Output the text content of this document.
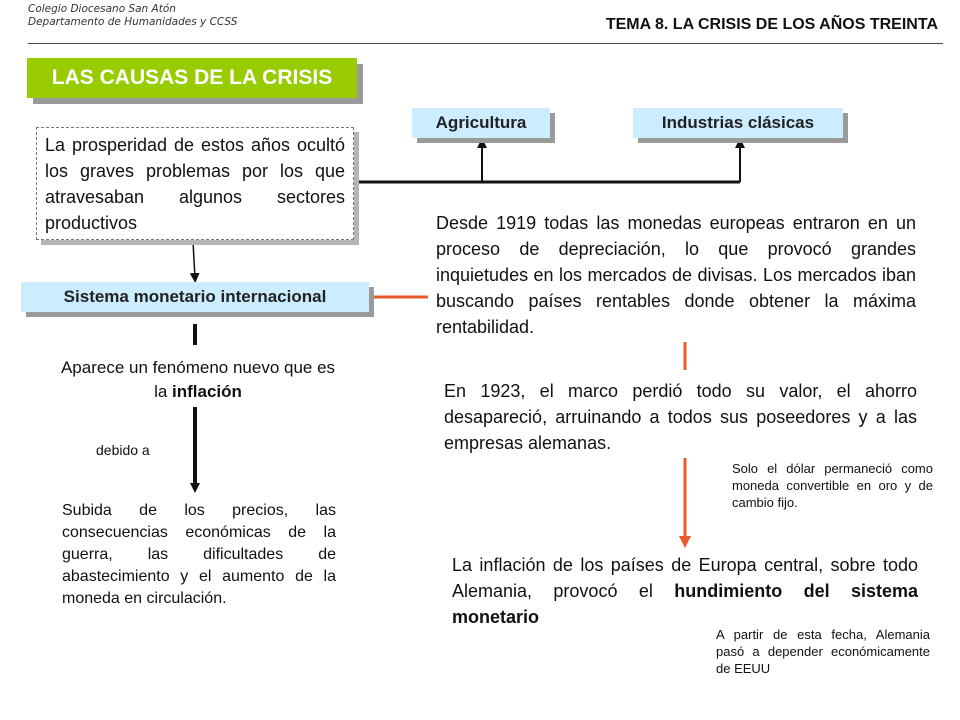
Colegio Diocesano San Atón
Departamento de Humanidades y CCSS	TEMA 8. LA CRISIS DE LOS AÑOS TREINTA
LAS CAUSAS DE LA CRISIS
La prosperidad de estos años ocultó los graves problemas por los que atravesaban algunos sectores productivos
Agricultura	Industrias clásicas
Sistema monetario internacional
Aparece un fenómeno nuevo que es la inflación
debido a
Subida de los precios, las consecuencias económicas de la guerra, las dificultades de abastecimiento y el aumento de la moneda en circulación.
Desde 1919 todas las monedas europeas entraron en un proceso de depreciación, lo que provocó grandes inquietudes en los mercados de divisas. Los mercados iban buscando países rentables donde obtener la máxima rentabilidad.
En 1923, el marco perdió todo su valor, el ahorro desapareció, arruinando a todos sus poseedores y a las empresas alemanas.
Solo el dólar permaneció como moneda convertible en oro y de cambio fijo.
La inflación de los países de Europa central, sobre todo Alemania, provocó el hundimiento del sistema monetario
A partir de esta fecha, Alemania pasó a depender económicamente de EEUU
